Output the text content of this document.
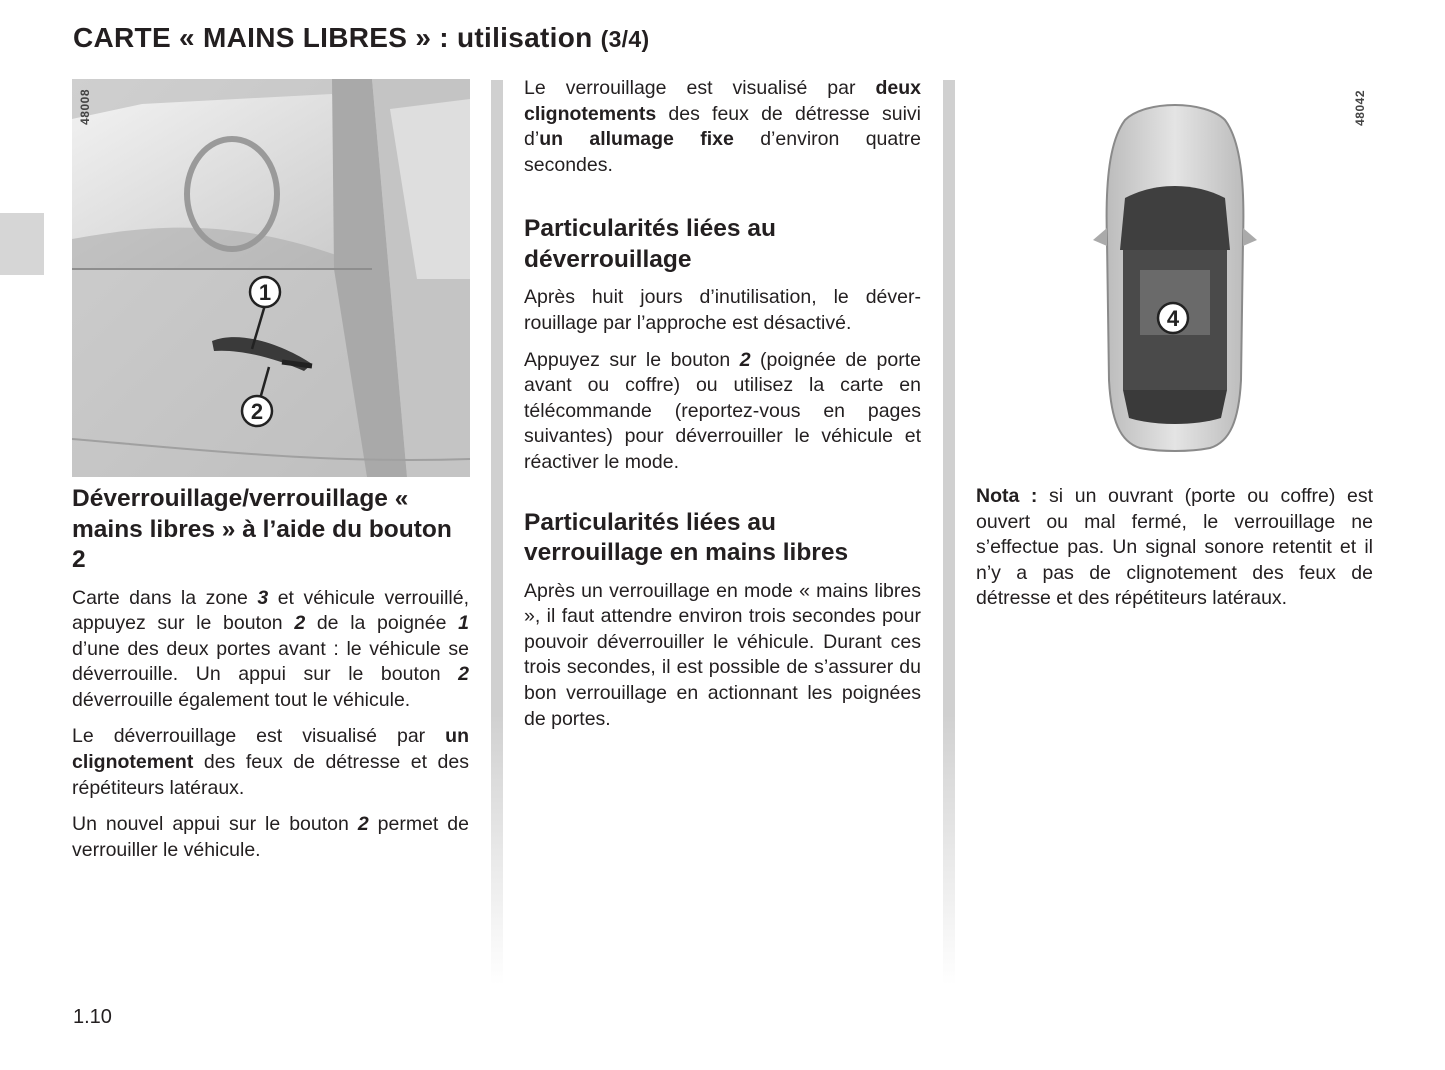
CARTE « MAINS LIBRES » : utilisation (3/4)
1
2
48008
Déverrouillage/verrouillage « mains libres » à l’aide du bouton 2

Carte dans la zone 3 et véhicule verrouillé, appuyez sur le bouton 2 de la poignée 1 d’une des deux portes avant : le véhicule se déverrouille. Un appui sur le bouton 2 déverrouille également tout le véhicule.

Le déverrouillage est visualisé par un clignotement des feux de détresse et des répétiteurs latéraux.

Un nouvel appui sur le bouton 2 permet de verrouiller le véhicule.

Le verrouillage est visualisé par deux clignotements des feux de détresse suivi d’un allumage fixe d’environ quatre secondes.

Particularités liées au déverrouillage

Après huit jours d’inutilisation, le déverrouillage par l’approche est désactivé.

Appuyez sur le bouton 2 (poignée de porte avant ou coffre) ou utilisez la carte en télécommande (reportez-vous en pages suivantes) pour déverrouiller le véhicule et réactiver le mode.

Particularités liées au verrouillage en mains libres

Après un verrouillage en mode « mains libres », il faut attendre environ trois secondes pour pouvoir déverrouiller le véhicule. Durant ces trois secondes, il est possible de s’assurer du bon verrouillage en actionnant les poignées de portes.

4
48042

Nota : si un ouvrant (porte ou coffre) est ouvert ou mal fermé, le verrouillage ne s’effectue pas. Un signal sonore retentit et il n’y a pas de clignotement des feux de détresse et des répétiteurs latéraux.

1.10
